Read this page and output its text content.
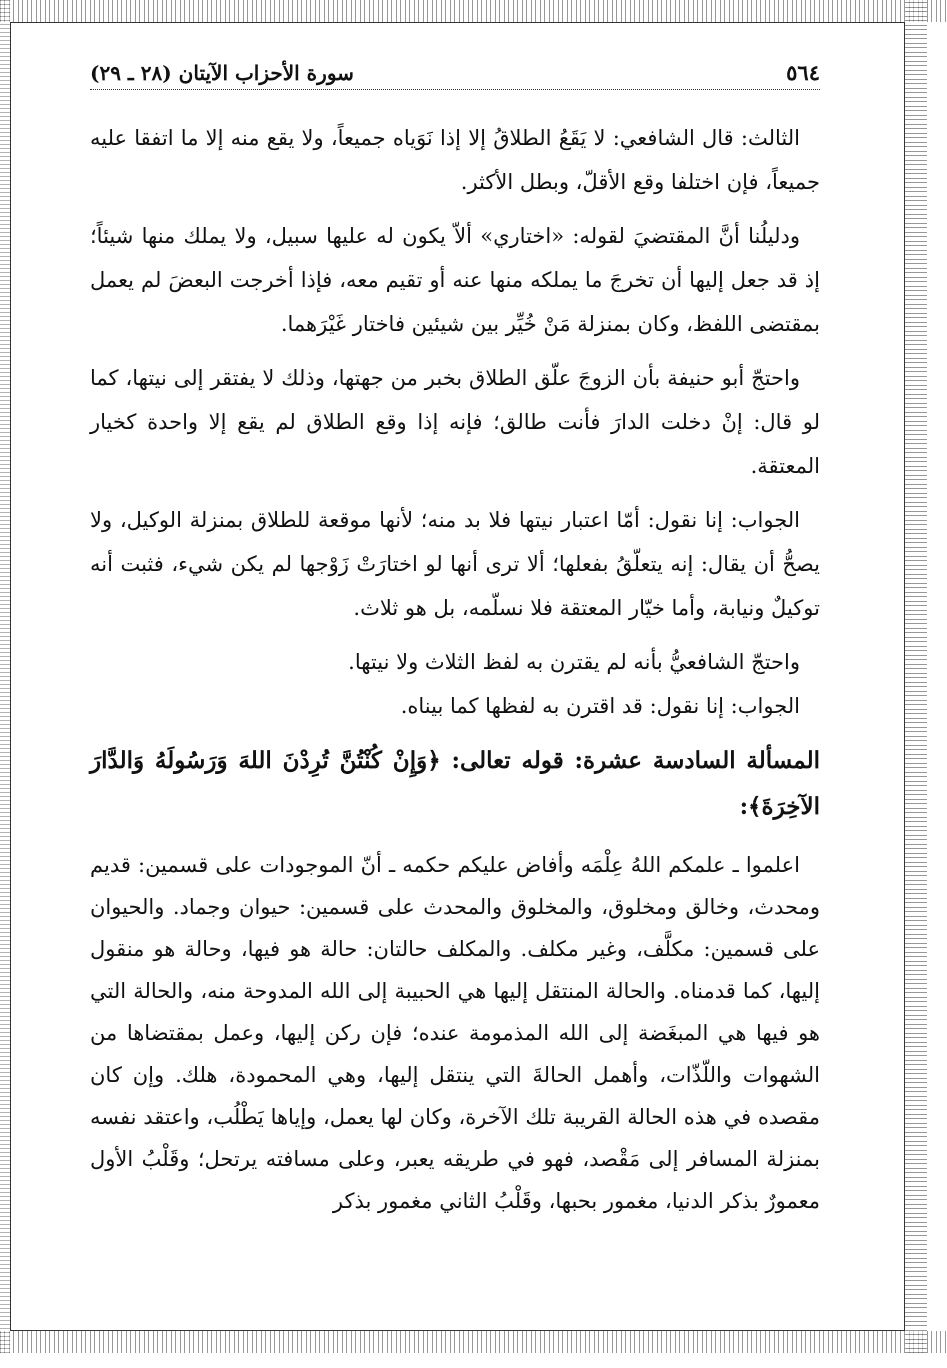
٥٦٤
سورة الأحزاب الآيتان (٢٨ ـ ٢٩)

الثالث: قال الشافعي: لا يَقَعُ الطلاقُ إلا إذا نَوَياه جميعاً، ولا يقع منه إلا ما اتفقا عليه جميعاً، فإن اختلفا وقع الأقلّ، وبطل الأكثر.

ودليلُنا أنَّ المقتضيَ لقوله: «اختاري» ألاّ يكون له عليها سبيل، ولا يملك منها شيئاً؛ إذ قد جعل إليها أن تخرجَ ما يملكه منها عنه أو تقيم معه، فإذا أخرجت البعضَ لم يعمل بمقتضى اللفظ، وكان بمنزلة مَنْ خُيِّر بين شيئين فاختار غَيْرَهما.

واحتجّ أبو حنيفة بأن الزوجَ علّق الطلاق بخبر من جهتها، وذلك لا يفتقر إلى نيتها، كما لو قال: إنْ دخلت الدارَ فأنت طالق؛ فإنه إذا وقع الطلاق لم يقع إلا واحدة كخيار المعتقة.

الجواب: إنا نقول: أمّا اعتبار نيتها فلا بد منه؛ لأنها موقعة للطلاق بمنزلة الوكيل، ولا يصحُّ أن يقال: إنه يتعلّقُ بفعلها؛ ألا ترى أنها لو اختارَتْ زَوْجها لم يكن شيء، فثبت أنه توكيلٌ ونيابة، وأما خيّار المعتقة فلا نسلّمه، بل هو ثلاث.

واحتجّ الشافعيُّ بأنه لم يقترن به لفظ الثلاث ولا نيتها.

الجواب: إنا نقول: قد اقترن به لفظها كما بيناه.

المسألة السادسة عشرة: قوله تعالى: ﴿وَإِنْ كُنْتُنَّ تُرِدْنَ اللهَ وَرَسُولَهُ وَالدَّارَ الآخِرَةَ﴾:

اعلموا ـ علمكم اللهُ عِلْمَه وأفاض عليكم حكمه ـ أنّ الموجودات على قسمين: قديم ومحدث، وخالق ومخلوق، والمخلوق والمحدث على قسمين: حيوان وجماد. والحيوان على قسمين: مكلَّف، وغير مكلف. والمكلف حالتان: حالة هو فيها، وحالة هو منقول إليها، كما قدمناه. والحالة المنتقل إليها هي الحبيبة إلى الله المدوحة منه، والحالة التي هو فيها هي المبغَضة إلى الله المذمومة عنده؛ فإن ركن إليها، وعمل بمقتضاها من الشهوات واللّذّات، وأهمل الحالةَ التي ينتقل إليها، وهي المحمودة، هلك. وإن كان مقصده في هذه الحالة القريبة تلك الآخرة، وكان لها يعمل، وإياها يَطْلُب، واعتقد نفسه بمنزلة المسافر إلى مَقْصد، فهو في طريقه يعبر، وعلى مسافته يرتحل؛ وقَلْبُ الأول معمورٌ بذكر الدنيا، مغمور بحبها، وقَلْبُ الثاني مغمور بذكر
